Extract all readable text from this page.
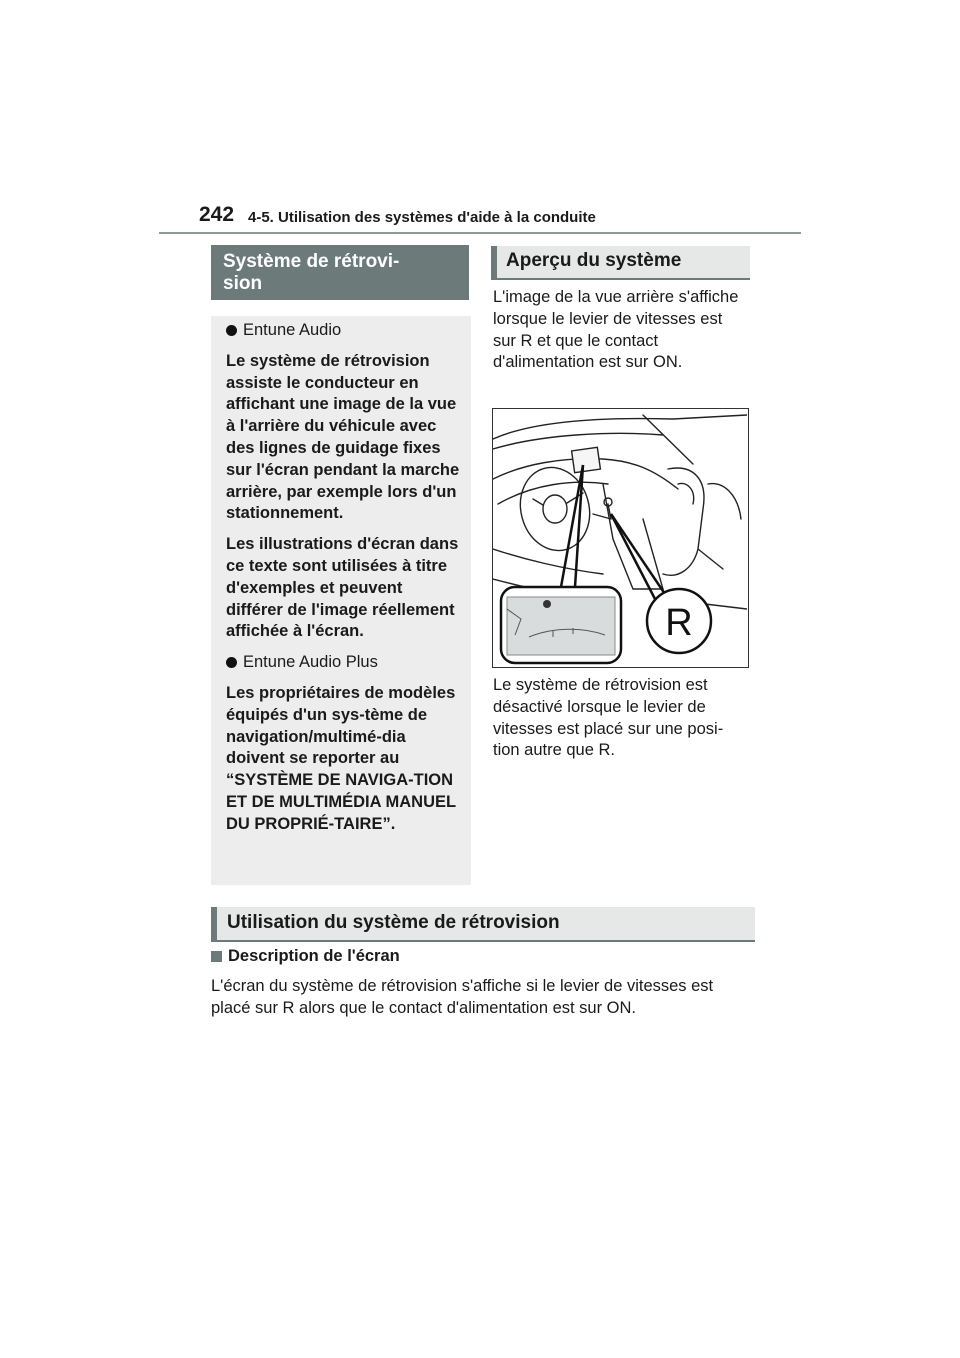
242 4-5. Utilisation des systèmes d'aide à la conduite
Système de rétrovi-
sion

Entune Audio

Le système de rétrovision assiste le conducteur en affichant une image de la vue à l'arrière du véhicule avec des lignes de guidage fixes sur l'écran pendant la marche arrière, par exemple lors d'un stationnement.

Les illustrations d'écran dans ce texte sont utilisées à titre d'exemples et peuvent différer de l'image réellement affichée à l'écran.

Entune Audio Plus

Les propriétaires de modèles équipés d'un sys-tème de navigation/multimé-dia doivent se reporter au “SYSTÈME DE NAVIGA-TION ET DE MULTIMÉDIA MANUEL DU PROPRIÉ-TAIRE”.

Aperçu du système

L'image de la vue arrière s'affiche lorsque le levier de vitesses est sur R et que le contact d'alimentation est sur ON.

R

Le système de rétrovision est désactivé lorsque le levier de vitesses est placé sur une posi-tion autre que R.

Utilisation du système de rétrovision
Description de l'écran

L'écran du système de rétrovision s'affiche si le levier de vitesses est placé sur R alors que le contact d'alimentation est sur ON.
